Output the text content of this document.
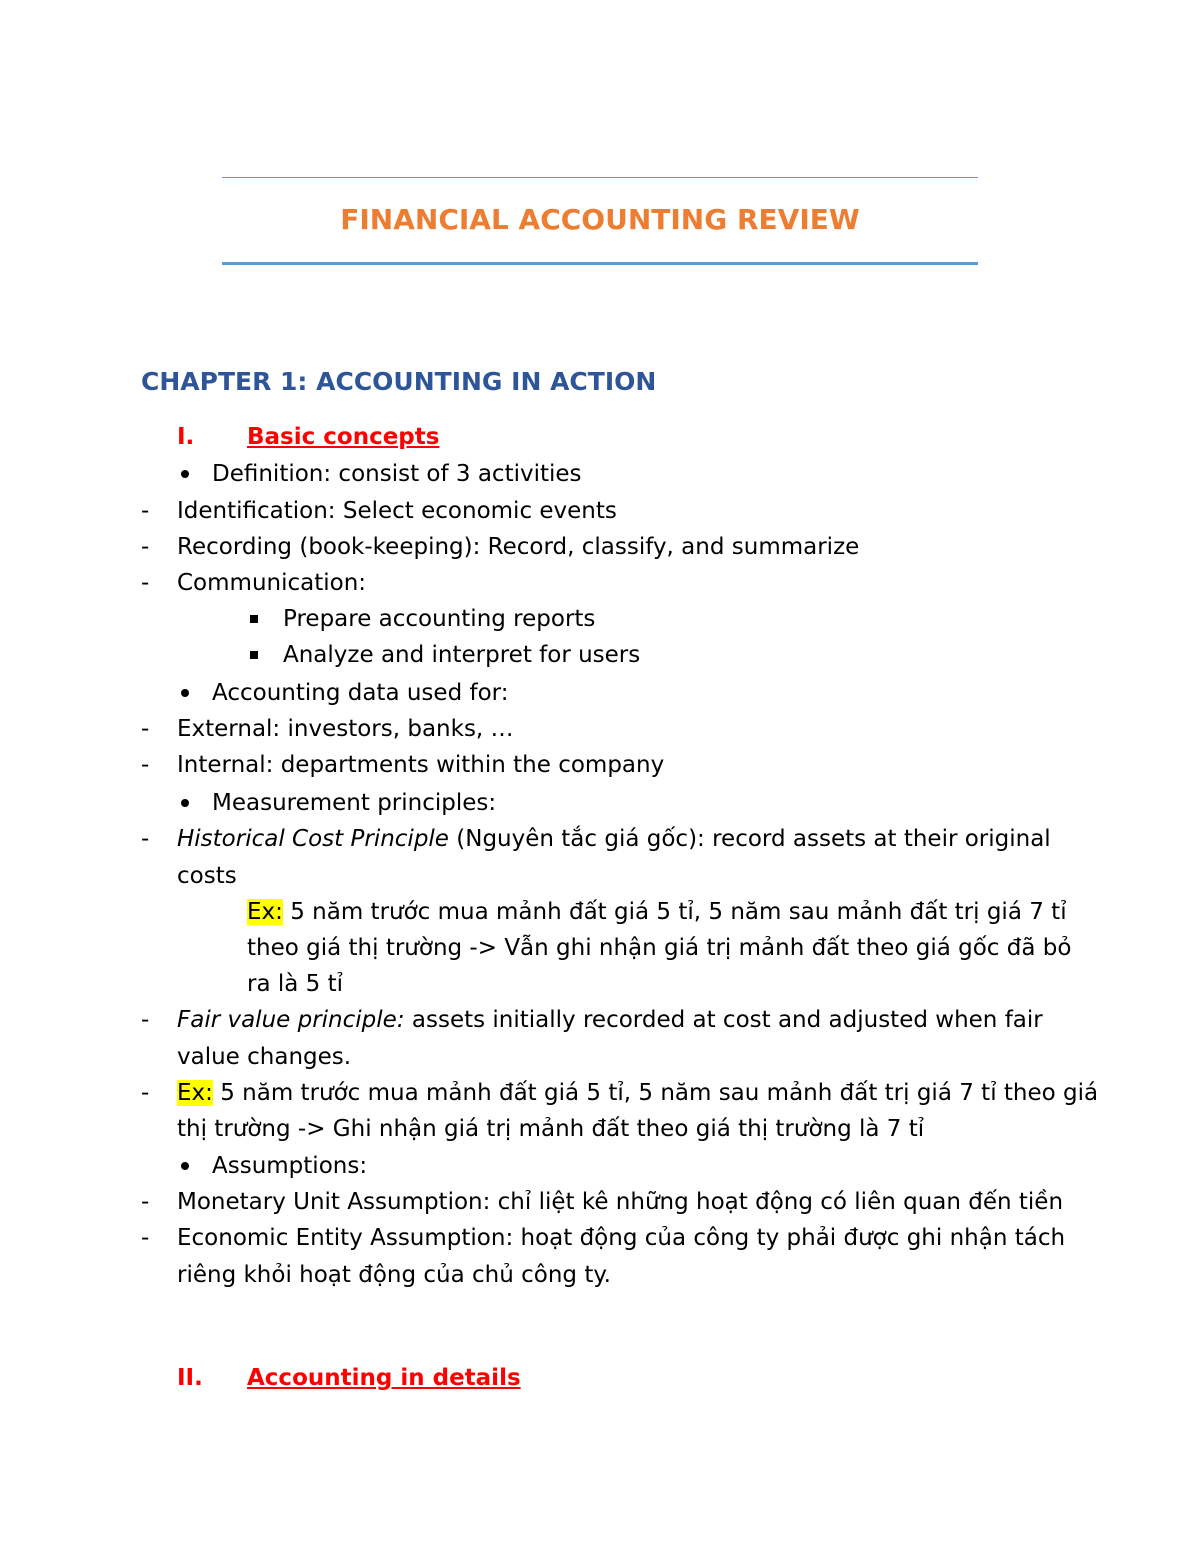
FINANCIAL ACCOUNTING REVIEW
CHAPTER 1: ACCOUNTING IN ACTION
I. Basic concepts
Definition: consist of 3 activities
- Identification: Select economic events
- Recording (book-keeping): Record, classify, and summarize
- Communication:
Prepare accounting reports
Analyze and interpret for users
Accounting data used for:
- External: investors, banks, …
- Internal: departments within the company
Measurement principles:
- Historical Cost Principle (Nguyên tắc giá gốc): record assets at their original
costs
Ex: 5 năm trước mua mảnh đất giá 5 tỉ, 5 năm sau mảnh đất trị giá 7 tỉ
theo giá thị trường -> Vẫn ghi nhận giá trị mảnh đất theo giá gốc đã bỏ
ra là 5 tỉ
- Fair value principle: assets initially recorded at cost and adjusted when fair
value changes.
- Ex: 5 năm trước mua mảnh đất giá 5 tỉ, 5 năm sau mảnh đất trị giá 7 tỉ theo giá
thị trường -> Ghi nhận giá trị mảnh đất theo giá thị trường là 7 tỉ
Assumptions:
- Monetary Unit Assumption: chỉ liệt kê những hoạt động có liên quan đến tiền
- Economic Entity Assumption: hoạt động của công ty phải được ghi nhận tách
riêng khỏi hoạt động của chủ công ty.
II. Accounting in details
